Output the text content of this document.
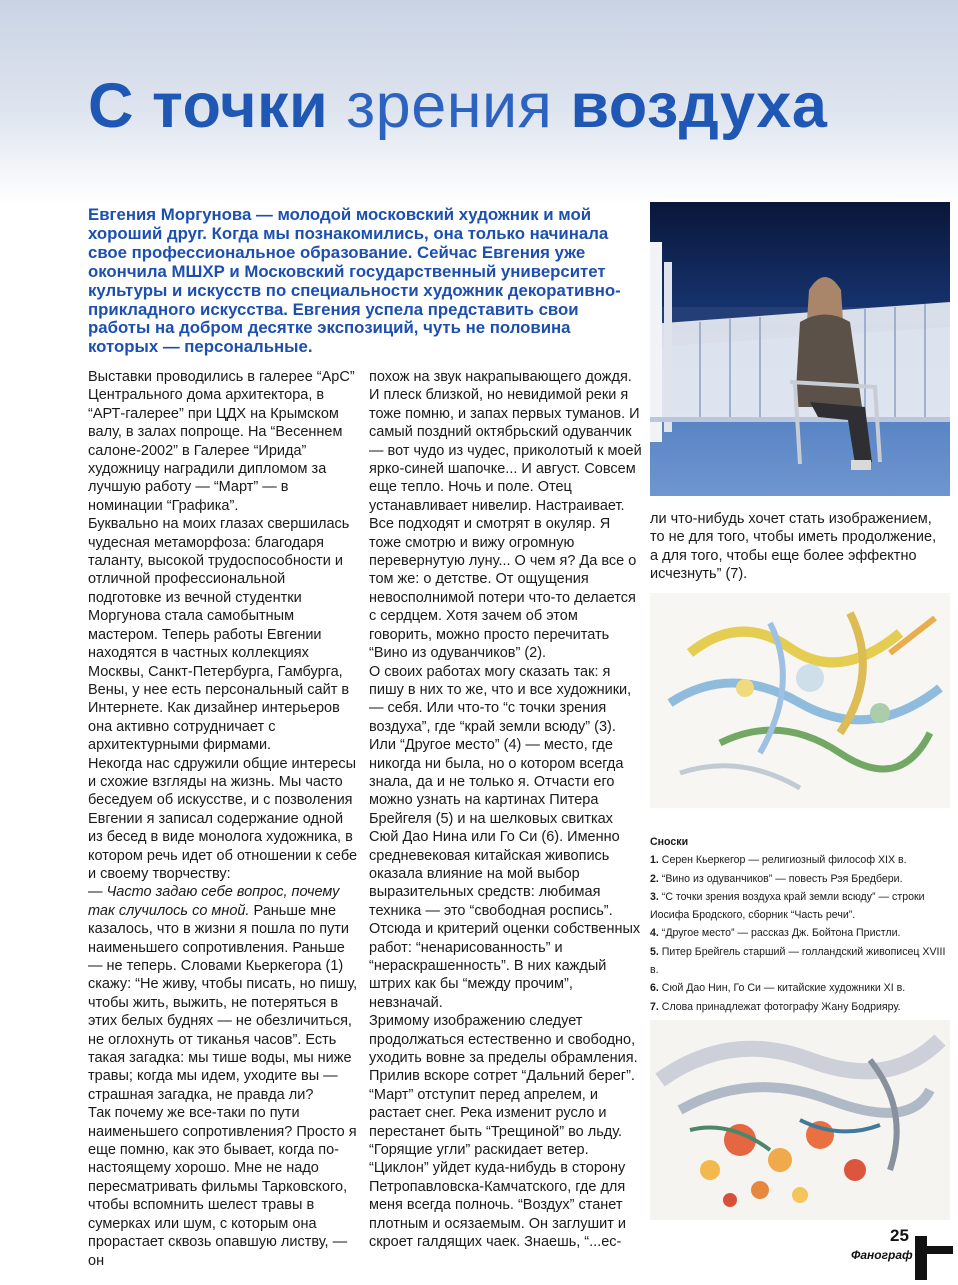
С точки зрения воздуха

Евгения Моргунова — молодой московский художник и мой хороший друг. Когда мы познакомились, она только начинала свое профессиональное образование. Сейчас Евгения уже окончила МШХР и Московский государственный университет культуры и искусств по специальности художник декоративно-прикладного искусства. Евгения успела представить свои работы на добром десятке экспозиций, чуть не половина которых — персональные.

Выставки проводились в галерее “АрС” Центрального дома архитектора, в “АРТ-галерее” при ЦДХ на Крымском валу, в залах попроще. На “Весеннем салоне-2002” в Галерее “Ирида” художницу наградили дипломом за лучшую работу — “Март” — в номинации “Графика”.

Буквально на моих глазах свершилась чудесная метаморфоза: благодаря таланту, высокой трудоспособности и отличной профессиональной подготовке из вечной студентки Моргунова стала самобытным мастером. Теперь работы Евгении находятся в частных коллекциях Москвы, Санкт-Петербурга, Гамбурга, Вены, у нее есть персональный сайт в Интернете. Как дизайнер интерьеров она активно сотрудничает с архитектурными фирмами.

Некогда нас сдружили общие интересы и схожие взгляды на жизнь. Мы часто беседуем об искусстве, и с позволения Евгении я записал содержание одной из бесед в виде монолога художника, в котором речь идет об отношении к себе и своему творчеству:

— Часто задаю себе вопрос, почему так случилось со мной. Раньше мне казалось, что в жизни я пошла по пути наименьшего сопротивления. Раньше — не теперь. Словами Кьеркегора (1) скажу: “Не живу, чтобы писать, но пишу, чтобы жить, выжить, не потеряться в этих белых буднях — не обезличиться, не оглохнуть от тиканья часов”. Есть такая загадка: мы тише воды, мы ниже травы; когда мы идем, уходите вы — страшная загадка, не правда ли?

Так почему же все-таки по пути наименьшего сопротивления? Просто я еще помню, как это бывает, когда по-настоящему хорошо. Мне не надо пересматривать фильмы Тарковского, чтобы вспомнить шелест травы в сумерках или шум, с которым она прорастает сквозь опавшую листву, — он

похож на звук накрапывающего дождя. И плеск близкой, но невидимой реки я тоже помню, и запах первых туманов. И самый поздний октябрьский одуванчик — вот чудо из чудес, приколотый к моей ярко-синей шапочке... И август. Совсем еще тепло. Ночь и поле. Отец устанавливает нивелир. Настраивает. Все подходят и смотрят в окуляр. Я тоже смотрю и вижу огромную перевернутую луну... О чем я? Да все о том же: о детстве. От ощущения невосполнимой потери что-то делается с сердцем. Хотя зачем об этом говорить, можно просто перечитать “Вино из одуванчиков” (2).

О своих работах могу сказать так: я пишу в них то же, что и все художники, — себя. Или что-то “с точки зрения воздуха”, где “край земли всюду” (3). Или “Другое место” (4) — место, где никогда ни была, но о котором всегда знала, да и не только я. Отчасти его можно узнать на картинах Питера Брейгеля (5) и на шелковых свитках Сюй Дао Нина или Го Си (6). Именно средневековая китайская живопись оказала влияние на мой выбор выразительных средств: любимая техника — это “свободная роспись”. Отсюда и критерий оценки собственных работ: “ненарисованность” и “нераскрашенность”. В них каждый штрих как бы “между прочим”, невзначай.

Зримому изображению следует продолжаться естественно и свободно, уходить вовне за пределы обрамления. Прилив вскоре сотрет “Дальний берег”.

“Март” отступит перед апрелем, и растает снег. Река изменит русло и перестанет быть “Трещиной” во льду. “Горящие угли” раскидает ветер. “Циклон” уйдет куда-нибудь в сторону Петропавловска-Камчатского, где для меня всегда полночь. “Воздух” станет плотным и осязаемым. Он заглушит и скроет галдящих чаек. Знаешь, “...ес-

ли что-нибудь хочет стать изображением, то не для того, чтобы иметь продолжение, а для того, чтобы еще более эффектно исчезнуть” (7).

Сноски

1. Серен Кьеркегор — религиозный философ XIX в.
2. “Вино из одуванчиков” — повесть Рэя Бредбери.
3. “С точки зрения воздуха край земли всюду” — строки Иосифа Бродского, сборник “Часть речи”.
4. “Другое место” — рассказ Дж. Бойтона Пристли.
5. Питер Брейгель старший — голландский живописец XVIII в.
6. Сюй Дао Нин, Го Си — китайские художники XI в.
7. Слова принадлежат фотографу Жану Бодрияру.
25
Фанограф
